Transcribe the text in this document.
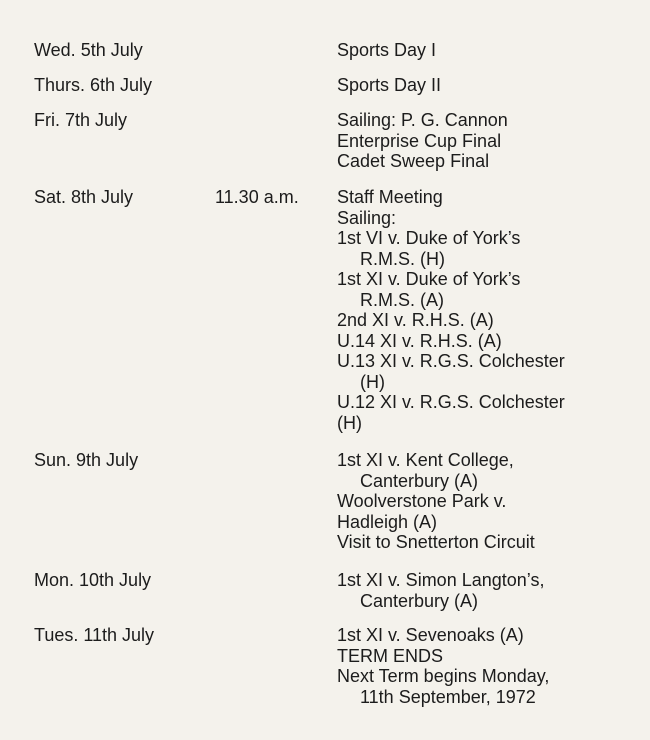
Wed. 5th July	Sports Day I
Thurs. 6th July	Sports Day II
Fri. 7th July	Sailing: P. G. Cannon
Enterprise Cup Final
Cadet Sweep Final
Sat. 8th July	11.30 a.m. Staff Meeting
Sailing:
1st VI v. Duke of York’s
R.M.S. (H)
1st XI v. Duke of York’s
R.M.S. (A)
2nd XI v. R.H.S. (A)
U.14 XI v. R.H.S. (A)
U.13 XI v. R.G.S. Colchester
(H)
U.12 XI v. R.G.S. Colchester
(H)
Sun. 9th July	1st XI v. Kent College,
Canterbury (A)
Woolverstone Park v.
Hadleigh (A)
Visit to Snetterton Circuit
Mon. 10th July	1st XI v. Simon Langton’s,
Canterbury (A)
Tues. 11th July	1st XI v. Sevenoaks (A)
TERM ENDS
Next Term begins Monday,
11th September, 1972
